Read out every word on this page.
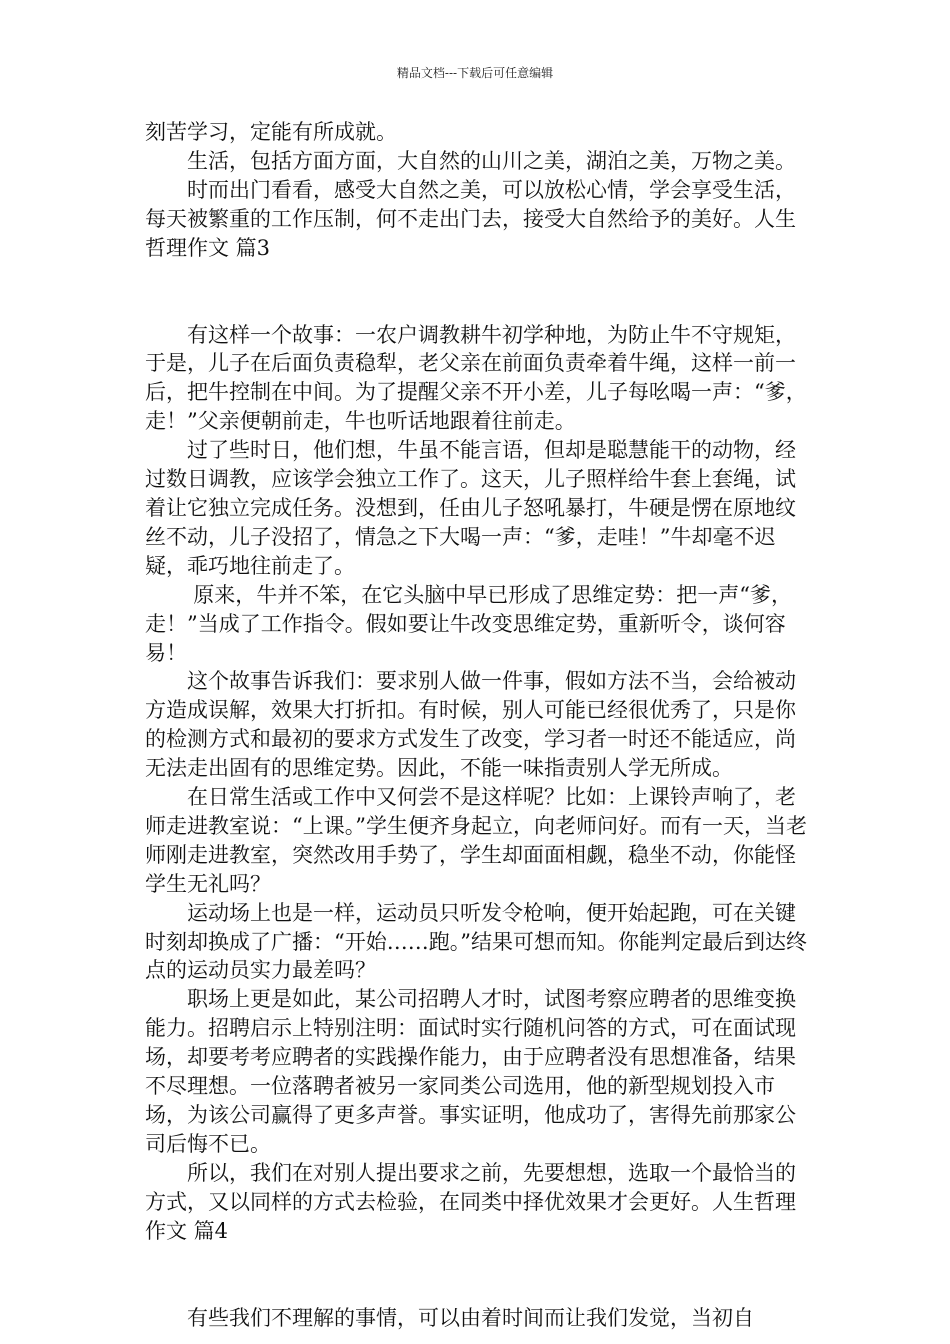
精品文档---下载后可任意编辑

刻苦学习，定能有所成就。

生活，包括方面方面，大自然的山川之美，湖泊之美，万物之美。

时而出门看看，感受大自然之美，可以放松心情，学会享受生活，每天被繁重的工作压制，何不走出门去，接受大自然给予的美好。人生哲理作文 篇3

有这样一个故事：一农户调教耕牛初学种地，为防止牛不守规矩，于是，儿子在后面负责稳犁，老父亲在前面负责牵着牛绳，这样一前一后，把牛控制在中间。为了提醒父亲不开小差，儿子每吆喝一声：“爹，走！”父亲便朝前走，牛也听话地跟着往前走。

过了些时日，他们想，牛虽不能言语，但却是聪慧能干的动物，经过数日调教，应该学会独立工作了。这天，儿子照样给牛套上套绳，试着让它独立完成任务。没想到，任由儿子怒吼暴打，牛硬是愣在原地纹丝不动，儿子没招了，情急之下大喝一声：“爹，走哇！”牛却毫不迟疑，乖巧地往前走了。

原来，牛并不笨，在它头脑中早已形成了思维定势：把一声“爹，走！”当成了工作指令。假如要让牛改变思维定势，重新听令，谈何容易！

这个故事告诉我们：要求别人做一件事，假如方法不当，会给被动方造成误解，效果大打折扣。有时候，别人可能已经很优秀了，只是你的检测方式和最初的要求方式发生了改变，学习者一时还不能适应，尚无法走出固有的思维定势。因此，不能一味指责别人学无所成。

在日常生活或工作中又何尝不是这样呢？比如：上课铃声响了，老师走进教室说：“上课。”学生便齐身起立，向老师问好。而有一天，当老师刚走进教室，突然改用手势了，学生却面面相觑，稳坐不动，你能怪学生无礼吗？

运动场上也是一样，运动员只听发令枪响，便开始起跑，可在关键时刻却换成了广播：“开始……跑。”结果可想而知。你能判定最后到达终点的运动员实力最差吗？

职场上更是如此，某公司招聘人才时，试图考察应聘者的思维变换能力。招聘启示上特别注明：面试时实行随机问答的方式，可在面试现场，却要考考应聘者的实践操作能力，由于应聘者没有思想准备，结果不尽理想。一位落聘者被另一家同类公司选用，他的新型规划投入市场，为该公司赢得了更多声誉。事实证明，他成功了，害得先前那家公司后悔不已。

所以，我们在对别人提出要求之前，先要想想，选取一个最恰当的方式，又以同样的方式去检验，在同类中择优效果才会更好。人生哲理作文 篇4

有些我们不理解的事情，可以由着时间而让我们发觉，当初自
